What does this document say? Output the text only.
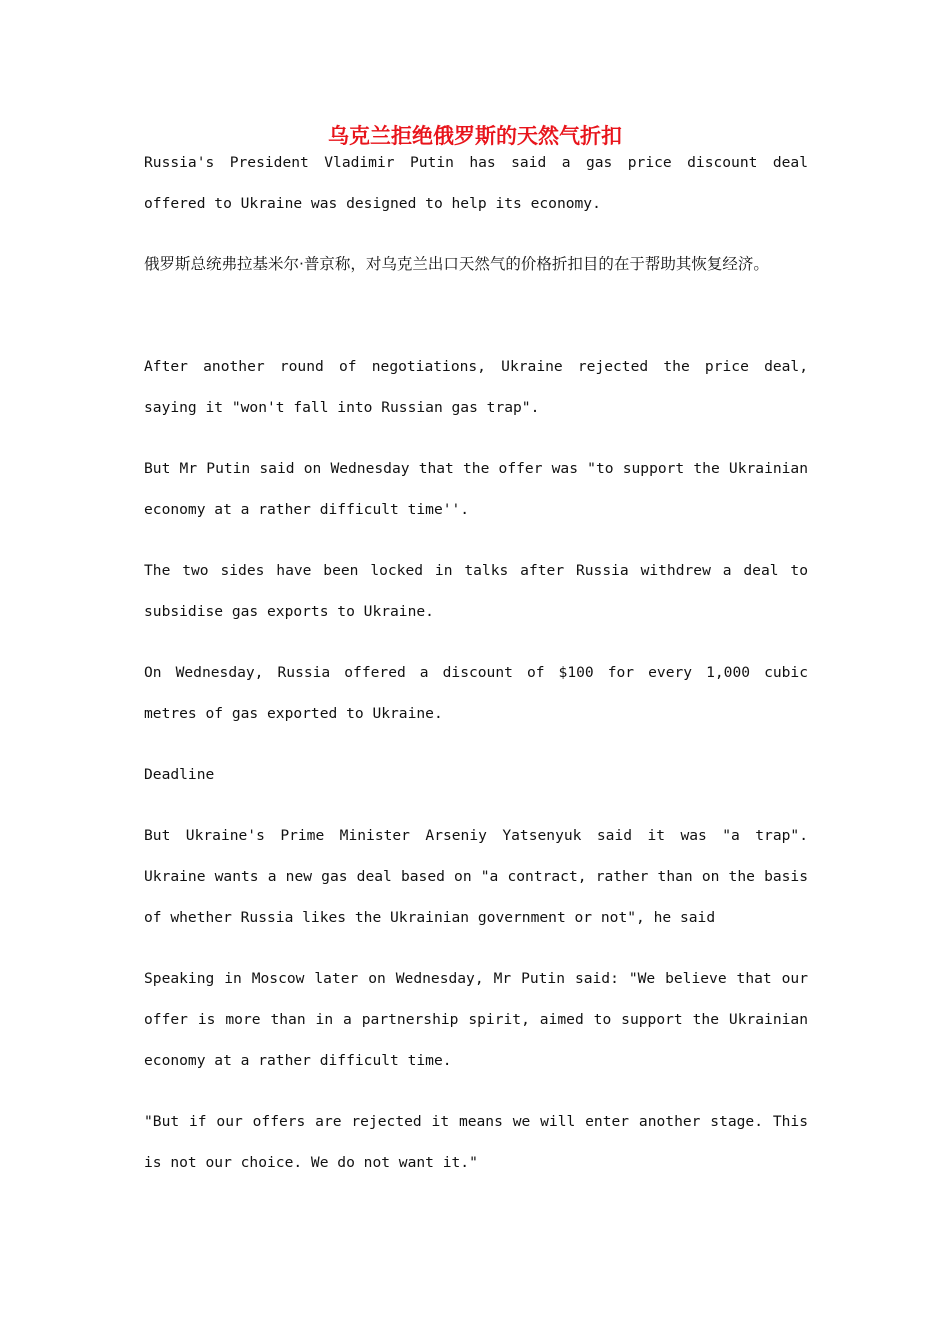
乌克兰拒绝俄罗斯的天然气折扣

Russia's President Vladimir Putin has said a gas price discount deal offered to Ukraine was designed to help its economy.

俄罗斯总统弗拉基米尔·普京称，对乌克兰出口天然气的价格折扣目的在于帮助其恢复经济。

After another round of negotiations, Ukraine rejected the price deal, saying it "won't fall into Russian gas trap".

But Mr Putin said on Wednesday that the offer was "to support the Ukrainian economy at a rather difficult time''.

The two sides have been locked in talks after Russia withdrew a deal to subsidise gas exports to Ukraine.

On Wednesday, Russia offered a discount of $100 for every 1,000 cubic metres of gas exported to Ukraine.

Deadline

But Ukraine's Prime Minister Arseniy Yatsenyuk said it was "a trap". Ukraine wants a new gas deal based on "a contract, rather than on the basis of whether Russia likes the Ukrainian government or not", he said

Speaking in Moscow later on Wednesday, Mr Putin said: "We believe that our offer is more than in a partnership spirit, aimed to support the Ukrainian economy at a rather difficult time.

"But if our offers are rejected it means we will enter another stage. This is not our choice. We do not want it."
